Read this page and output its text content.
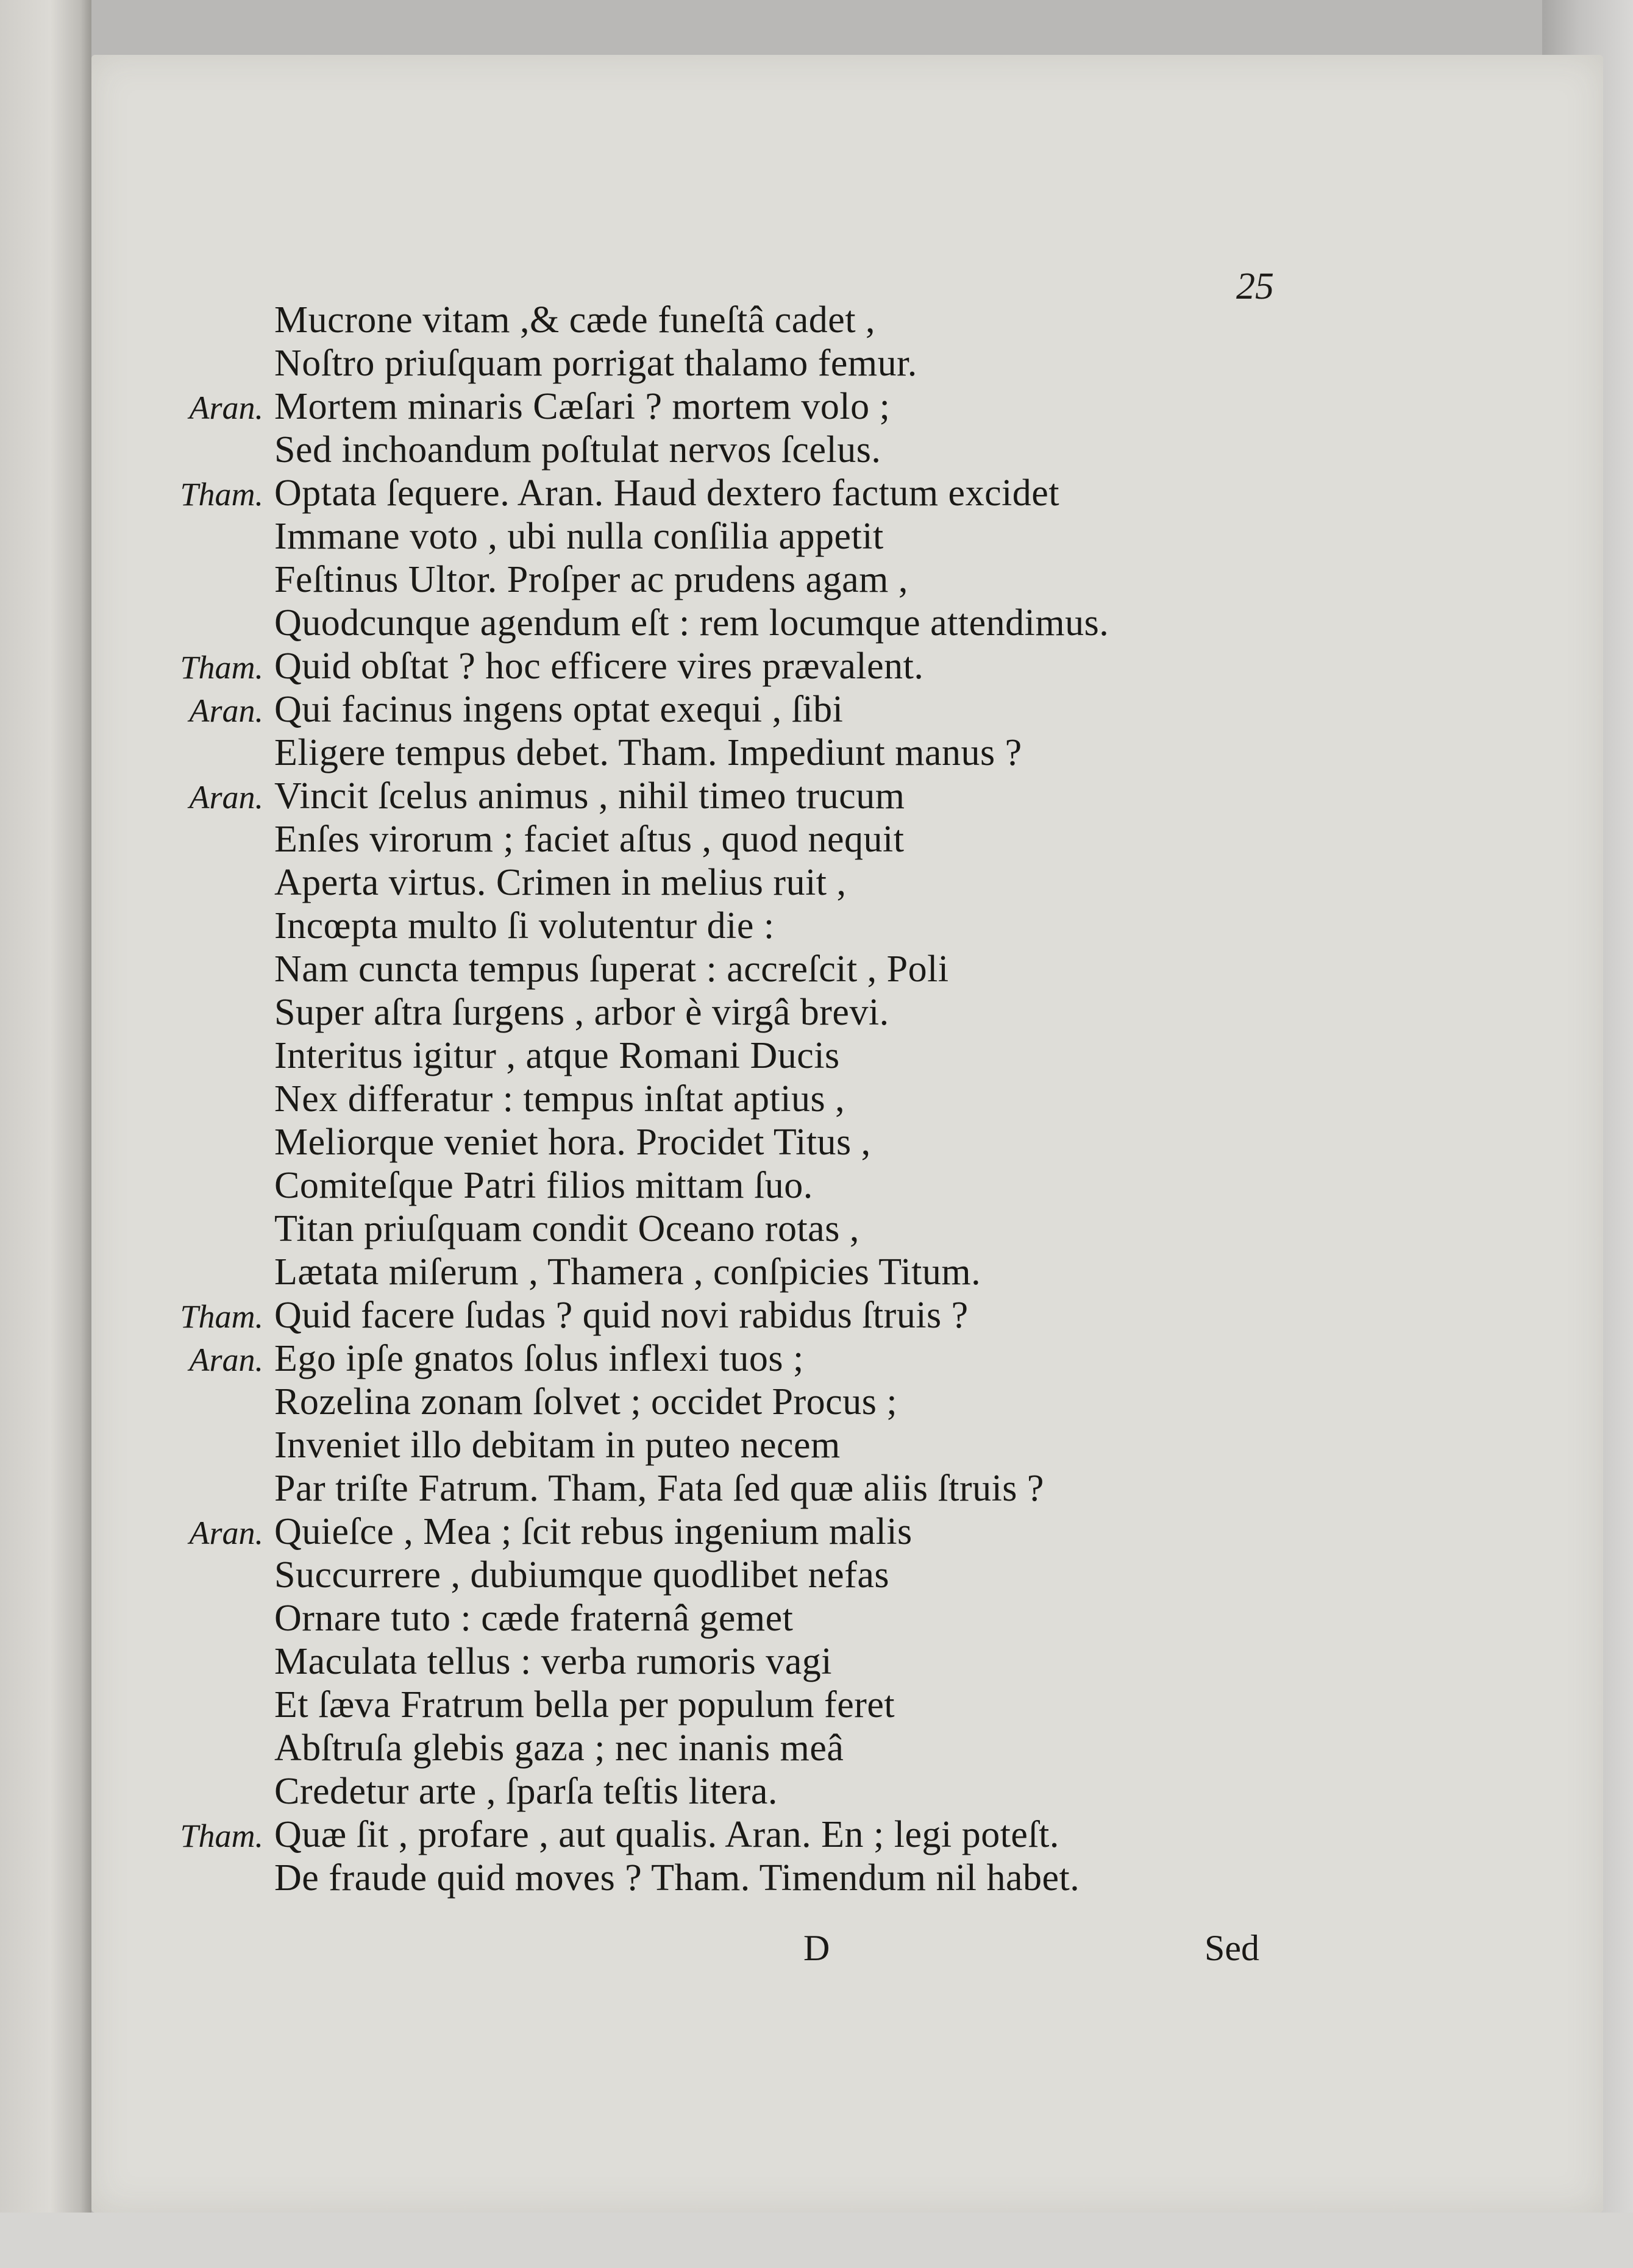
25
Mucrone vitam ,& cæde funeſtâ cadet ,
Noſtro priuſquam porrigat thalamo femur.
Aran. Mortem minaris Cæſari ? mortem volo ;
Sed inchoandum poſtulat nervos ſcelus.
Tham. Optata ſequere. Aran. Haud dextero factum excidet
Immane voto , ubi nulla conſilia appetit
Feſtinus Ultor. Proſper ac prudens agam ,
Quodcunque agendum eſt : rem locumque attendimus.
Tham. Quid obſtat ? hoc efficere vires prævalent.
Aran. Qui facinus ingens optat exequi , ſibi
Eligere tempus debet. Tham. Impediunt manus ?
Aran. Vincit ſcelus animus , nihil timeo trucum
Enſes virorum ; faciet aſtus , quod nequit
Aperta virtus. Crimen in melius ruit ,
Incœpta multo ſi volutentur die :
Nam cuncta tempus ſuperat : accreſcit , Poli
Super aſtra ſurgens , arbor è virgâ brevi.
Interitus igitur , atque Romani Ducis
Nex differatur : tempus inſtat aptius ,
Meliorque veniet hora. Procidet Titus ,
Comiteſque Patri filios mittam ſuo.
Titan priuſquam condit Oceano rotas ,
Lætata miſerum , Thamera , conſpicies Titum.
Tham. Quid facere ſudas ? quid novi rabidus ſtruis ?
Aran. Ego ipſe gnatos ſolus inflexi tuos ;
Rozelina zonam ſolvet ; occidet Procus ;
Inveniet illo debitam in puteo necem
Par triſte Fatrum. Tham, Fata ſed quæ aliis ſtruis ?
Aran. Quieſce , Mea ; ſcit rebus ingenium malis
Succurrere , dubiumque quodlibet nefas
Ornare tuto : cæde fraternâ gemet
Maculata tellus : verba rumoris vagi
Et ſæva Fratrum bella per populum feret
Abſtruſa glebis gaza ; nec inanis meâ
Credetur arte , ſparſa teſtis litera.
Tham. Quæ ſit , profare , aut qualis. Aran. En ; legi poteſt.
De fraude quid moves ? Tham. Timendum nil habet.
D	Sed
